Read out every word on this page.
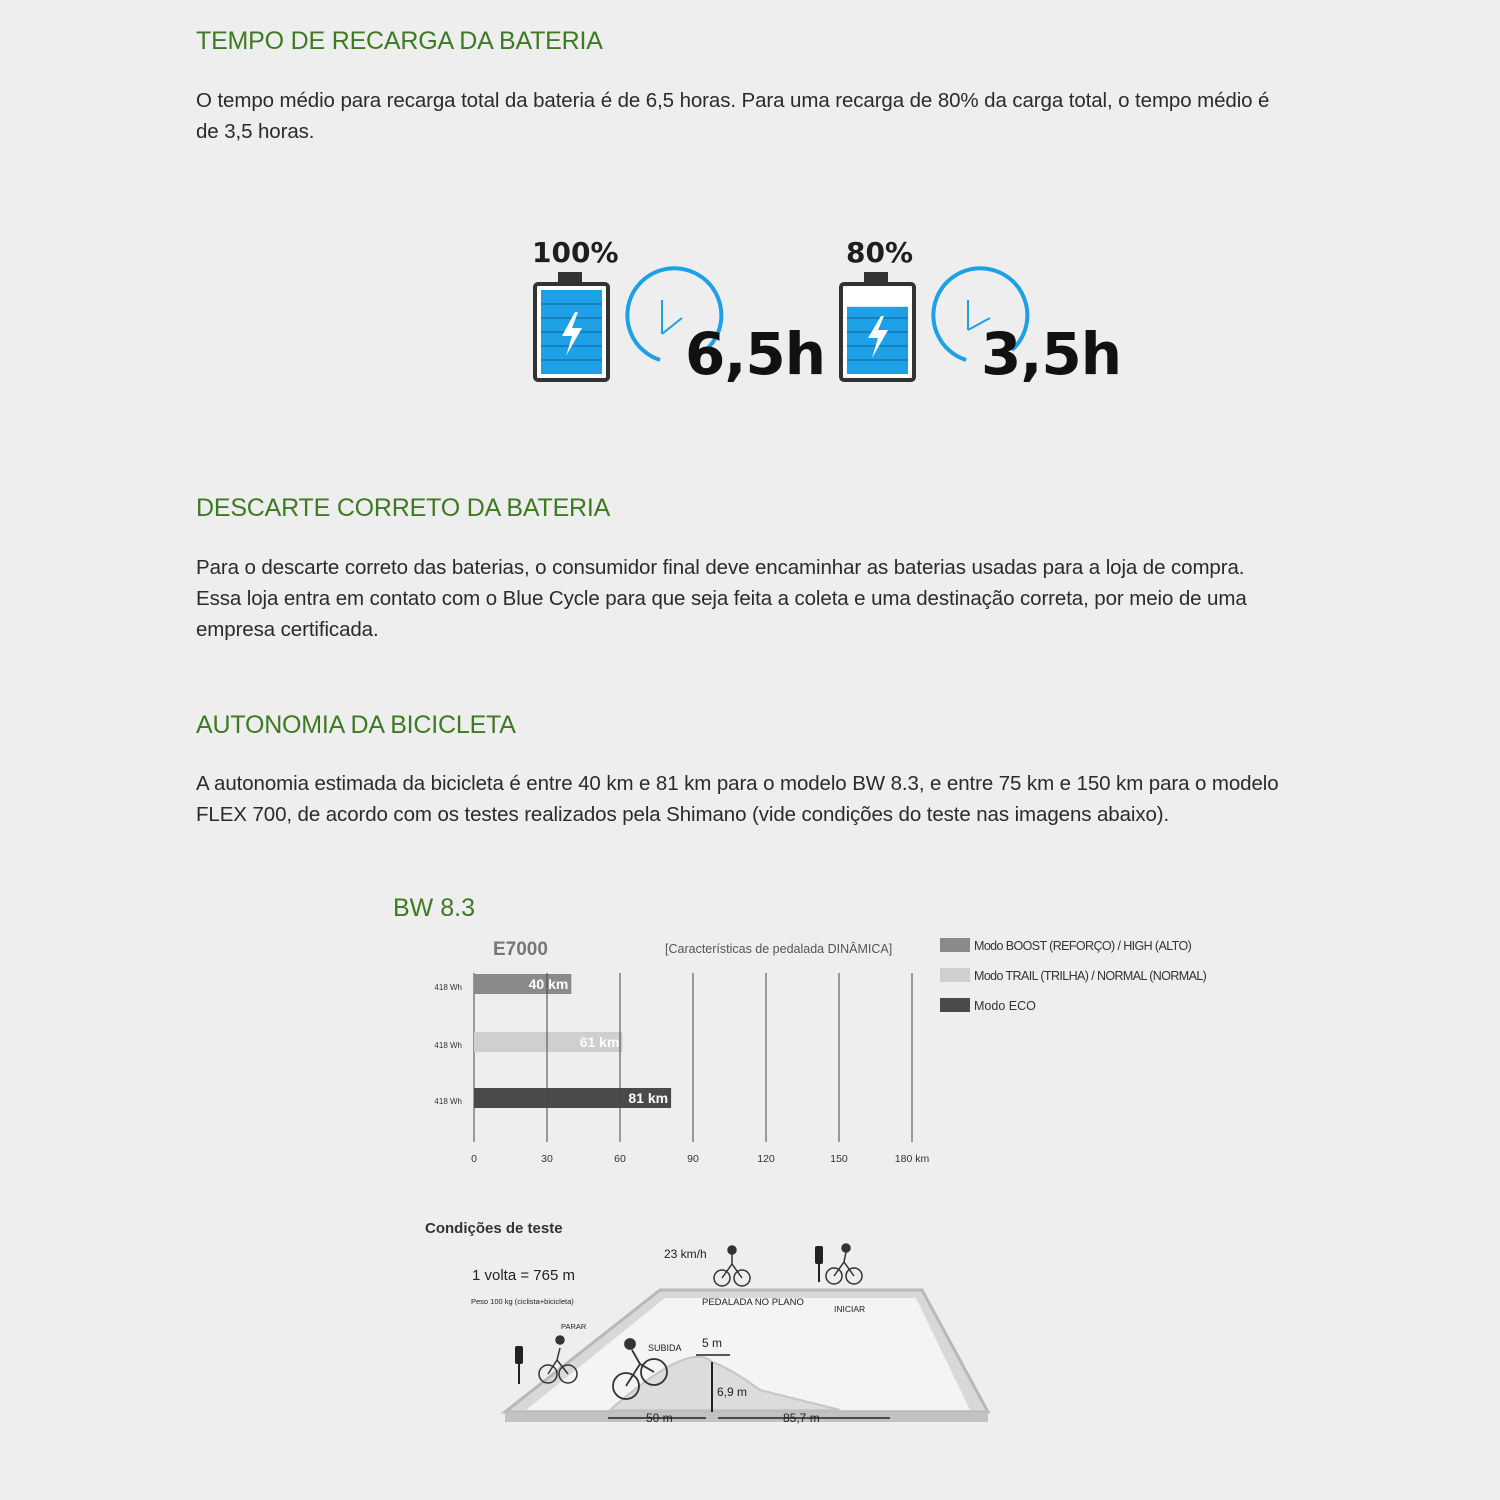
TEMPO DE RECARGA DA BATERIA

O tempo médio para recarga total da bateria é de 6,5 horas. Para uma recarga de 80% da carga total, o tempo médio é de 3,5 horas.

100%
6,5h
80%
3,5h
DESCARTE CORRETO DA BATERIA

Para o descarte correto das baterias, o consumidor final deve encaminhar as baterias usadas para a loja de compra. Essa loja entra em contato com o Blue Cycle para que seja feita a coleta e uma destinação correta, por meio de uma empresa certificada.

AUTONOMIA DA BICICLETA

A autonomia estimada da bicicleta é entre 40 km e 81 km para o modelo BW 8.3, e entre 75 km e 150 km para o modelo FLEX 700, de acordo com os testes realizados pela Shimano (vide condições do teste nas imagens abaixo).

BW 8.3
E7000	[Características de pedalada DINÂMICA]
40 km
418 Wh
61 km
418 Wh
81 km
418 Wh
0	30	60	90	120	150	180 km
Modo BOOST (REFORÇO) / HIGH (ALTO)
Modo TRAIL (TRILHA) / NORMAL (NORMAL)
Modo ECO
Condições de teste
1 volta = 765 m
Peso 100 kg (ciclista+bicicleta)
23 km/h
PEDALADA NO PLANO
INICIAR
PARAR
SUBIDA 5 m
6,9 m
50 m	85,7 m
